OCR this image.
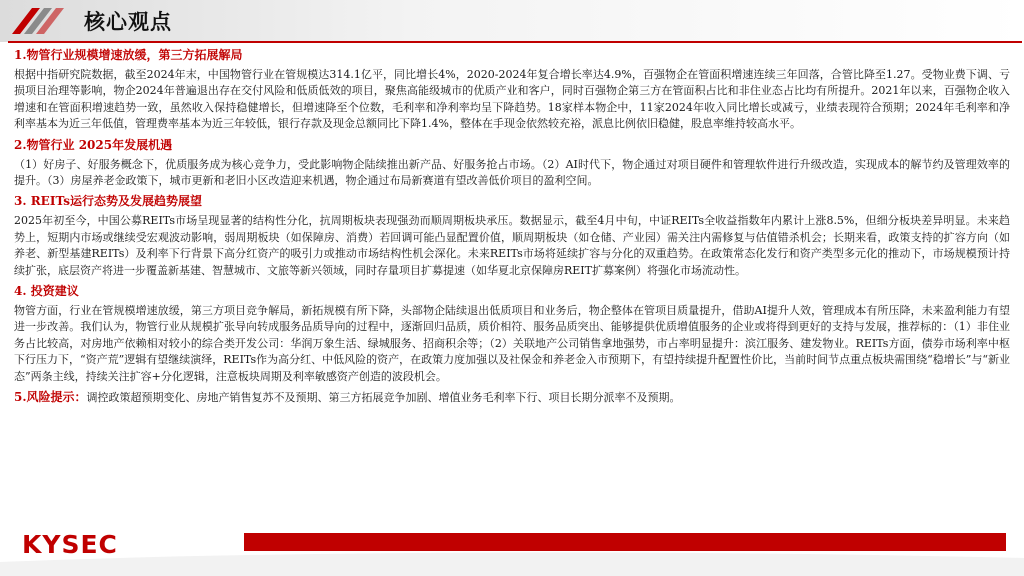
核心观点

1.物管行业规模增速放缓，第三方拓展解局

根据中指研究院数据，截至2024年末，中国物管行业在管规模达314.1亿平，同比增长4%，2020-2024年复合增长率达4.9%，百强物企在管面积增速连续三年回落，合管比降至1.27。受物业费下调、亏损项目治理等影响，物企2024年普遍退出存在交付风险和低质低效的项目，聚焦高能级城市的优质产业和客户，同时百强物企第三方在管面积占比和非住业态占比均有所提升。2021年以来，百强物企收入增速和在管面积增速趋势一致，虽然收入保持稳健增长，但增速降至个位数，毛利率和净利率均呈下降趋势。18家样本物企中，11家2024年收入同比增长或减亏，业绩表现符合预期；2024年毛利率和净利率基本为近三年低值，管理费率基本为近三年较低，银行存款及现金总额同比下降1.4%，整体在手现金依然较充裕，派息比例依旧稳健，股息率维持较高水平。

2.物管行业 2025年发展机遇

（1）好房子、好服务概念下，优质服务成为核心竞争力，受此影响物企陆续推出新产品、好服务抢占市场。（2）AI时代下，物企通过对项目硬件和管理软件进行升级改造，实现成本的解节约及管理效率的提升。（3）房屋养老金政策下，城市更新和老旧小区改造迎来机遇，物企通过布局新赛道有望改善低价项目的盈利空间。

3. REITs运行态势及发展趋势展望

2025年初至今，中国公募REITs市场呈现显著的结构性分化，抗周期板块表现强劲而顺周期板块承压。数据显示，截至4月中旬，中证REITs全收益指数年内累计上涨8.5%，但细分板块差异明显。未来趋势上，短期内市场或继续受宏观波动影响，弱周期板块（如保障房、消费）若回调可能凸显配置价值，顺周期板块（如仓储、产业园）需关注内需修复与估值错杀机会；长期来看，政策支持的扩容方向（如养老、新型基建REITs）及利率下行背景下高分红资产的吸引力或推动市场结构性机会深化。未来REITs市场将延续扩容与分化的双重趋势。在政策常态化发行和资产类型多元化的推动下，市场规模预计持续扩张，底层资产将进一步覆盖新基建、智慧城市、文旅等新兴领域，同时存量项目扩募提速（如华夏北京保障房REIT扩募案例）将强化市场流动性。

4. 投资建议

物管方面，行业在管规模增速放缓，第三方项目竞争解局，新拓规模有所下降，头部物企陆续退出低质项目和业务后，物企整体在管项目质量提升，借助AI提升人效，管理成本有所压降，未来盈利能力有望进一步改善。我们认为，物管行业从规模扩张导向转成服务品质导向的过程中，逐渐回归品质，质价相符、服务品质突出、能够提供优质增值服务的企业或将得到更好的支持与发展，推荐标的：（1）非住业务占比较高，对房地产依赖相对较小的综合类开发公司：华润万象生活、绿城服务、招商积余等；（2）关联地产公司销售拿地强势，市占率明显提升：滨江服务、建发物业。REITs方面，债券市场利率中枢下行压力下，“资产荒”逻辑有望继续演绎，REITs作为高分红、中低风险的资产，在政策力度加强以及社保金和养老金入市预期下，有望持续提升配置性价比，当前时间节点重点板块需围绕“稳增长”与“新业态”两条主线，持续关注扩容+分化逻辑，注意板块周期及利率敏感资产创造的波段机会。

5.风险提示：调控政策超预期变化、房地产销售复苏不及预期、第三方拓展竞争加剧、增值业务毛利率下行、项目长期分派率不及预期。

KYSEC
